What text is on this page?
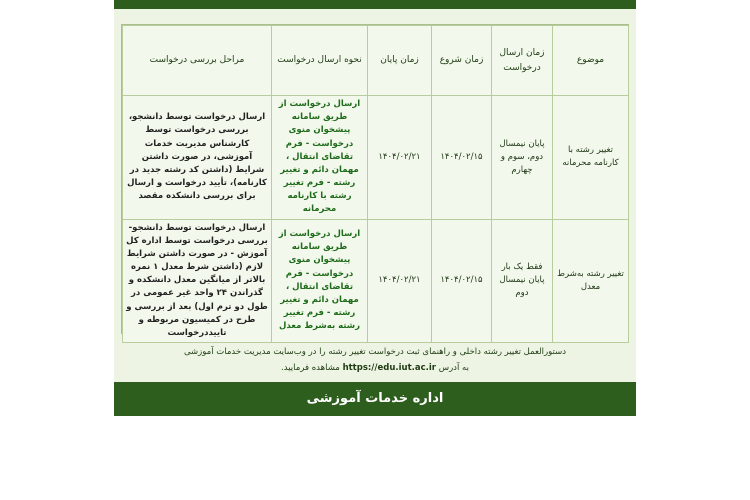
موضوع	زمان ارسال درخواست	زمان شروع	زمان پایان	نحوه ارسال درخواست	مراحل بررسی درخواست
تغییر رشته با کارنامه محرمانه	پایان نیمسال دوم، سوم و چهارم	۱۴۰۴/۰۲/۱۵	۱۴۰۴/۰۲/۲۱	ارسال درخواست از طریق سامانه پیشخوان منوی درخواست - فرم تقاضای انتقال ، مهمان دائم و تغییر رشته - فرم تغییر رشته با کارنامه محرمانه	ارسال درخواست توسط دانشجو، بررسی درخواست توسط کارشناس مدیریت خدمات آموزشی، در صورت داشتن شرایط (داشتن کد رشته جدید در کارنامه)، تأیید درخواست و ارسال برای بررسی دانشکده مقصد
تغییر رشته به‌شرط معدل	فقط یک بار پایان نیمسال دوم	۱۴۰۴/۰۲/۱۵	۱۴۰۴/۰۲/۲۱	ارسال درخواست از طریق سامانه پیشخوان منوی درخواست - فرم تقاضای انتقال ، مهمان دائم و تغییر رشته - فرم تغییر رشته به‌شرط معدل	ارسال درخواست توسط دانشجو- بررسی درخواست توسط اداره کل آموزش - در صورت داشتن شرایط لازم (داشتن شرط معدل ۱ نمره بالاتر از میانگین معدل دانشکده و گذراندن ۲۴ واحد غیر عمومی در طول دو ترم اول) بعد از بررسی و طرح در کمیسیون مربوطه و تاییددرخواست
دستورالعمل تغییر رشته داخلی و راهنمای ثبت درخواست تغییر رشته را در وب‌سایت مدیریت خدمات آموزشی
به آدرس https://edu.iut.ac.ir مشاهده فرمایید.
اداره خدمات آموزشی
